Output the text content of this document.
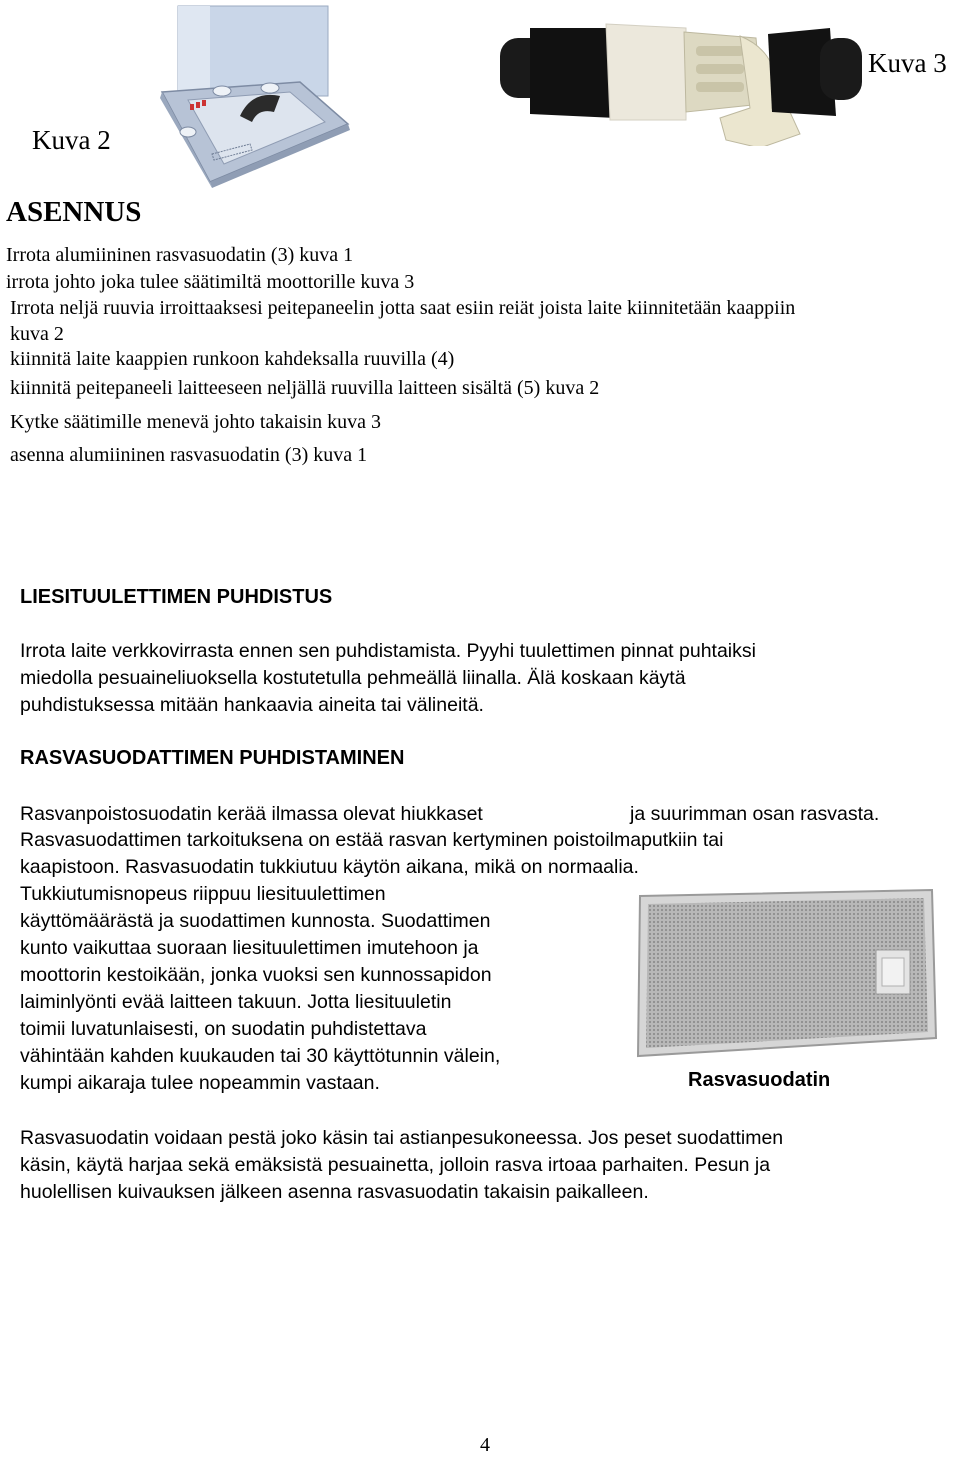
Kuva 2
Kuva 3
ASENNUS
Irrota alumiininen rasvasuodatin (3) kuva 1
irrota johto joka tulee säätimiltä moottorille kuva 3
Irrota neljä ruuvia irroittaaksesi peitepaneelin jotta saat esiin reiät joista laite kiinnitetään kaappiin
kuva 2
kiinnitä laite kaappien runkoon kahdeksalla ruuvilla (4)
kiinnitä peitepaneeli laitteeseen neljällä ruuvilla laitteen sisältä (5) kuva 2
Kytke säätimille menevä johto takaisin kuva 3
asenna alumiininen rasvasuodatin (3) kuva 1
LIESITUULETTIMEN PUHDISTUS
Irrota laite verkkovirrasta ennen sen puhdistamista. Pyyhi tuulettimen pinnat puhtaiksi
miedolla pesuaineliuoksella kostutetulla pehmeällä liinalla. Älä koskaan käytä
puhdistuksessa mitään hankaavia aineita tai välineitä.
RASVASUODATTIMEN PUHDISTAMINEN
Rasvanpoistosuodatin kerää ilmassa olevat hiukkaset	ja suurimman osan rasvasta.
Rasvasuodattimen tarkoituksena on estää rasvan kertyminen poistoilmaputkiin tai
kaapistoon. Rasvasuodatin tukkiutuu käytön aikana, mikä on normaalia.
Tukkiutumisnopeus riippuu liesituulettimen
käyttömäärästä ja suodattimen kunnosta. Suodattimen
kunto vaikuttaa suoraan liesituulettimen imutehoon ja
moottorin kestoikään, jonka vuoksi sen kunnossapidon
laiminlyönti evää laitteen takuun. Jotta liesituuletin
toimii luvatunlaisesti, on suodatin puhdistettava
vähintään kahden kuukauden tai 30 käyttötunnin välein,
kumpi aikaraja tulee nopeammin vastaan.	Rasvasuodatin
Rasvasuodatin voidaan pestä joko käsin tai astianpesukoneessa. Jos peset suodattimen
käsin, käytä harjaa sekä emäksistä pesuainetta, jolloin rasva irtoaa parhaiten. Pesun ja
huolellisen kuivauksen jälkeen asenna rasvasuodatin takaisin paikalleen.
4
